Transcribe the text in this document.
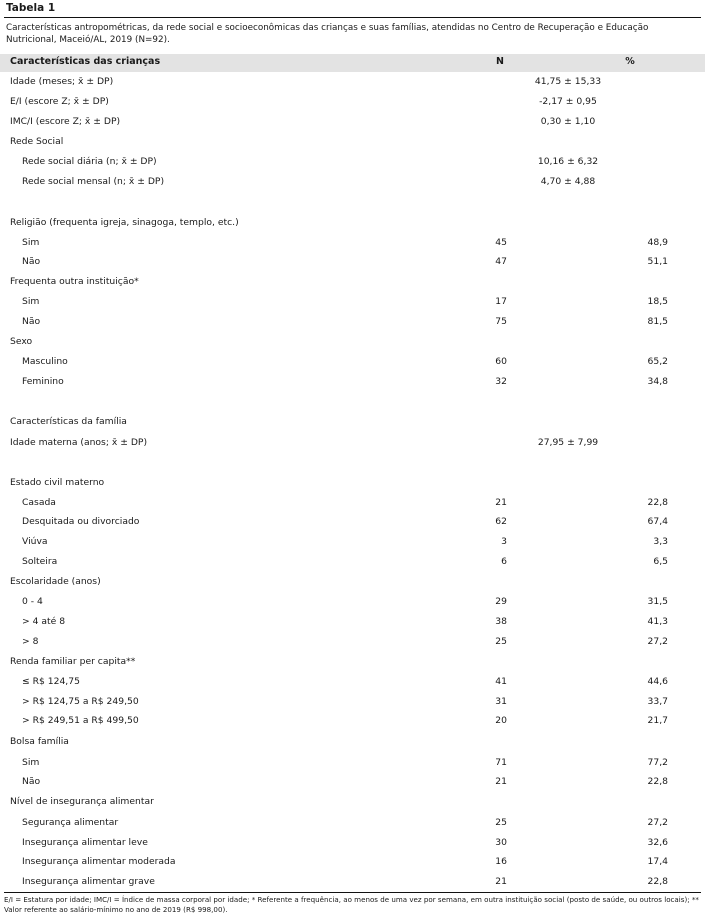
Tabela 1
Características antropométricas, da rede social e socioeconômicas das crianças e suas famílias, atendidas no Centro de Recuperação e Educação Nutricional, Maceió/AL, 2019 (N=92).
Características das crianças	N	%
Idade (meses; x̄ ± DP)	41,75 ± 15,33
E/I (escore Z; x̄ ± DP)	-2,17 ± 0,95
IMC/I (escore Z; x̄ ± DP)	0,30 ± 1,10
Rede Social
Rede social diária (n; x̄ ± DP)	10,16 ± 6,32
Rede social mensal (n; x̄ ± DP)	4,70 ± 4,88
Religião (frequenta igreja, sinagoga, templo, etc.)
Sim	45	48,9
Não	47	51,1
Frequenta outra instituição*
Sim	17	18,5
Não	75	81,5
Sexo
Masculino	60	65,2
Feminino	32	34,8
Características da família
Idade materna (anos; x̄ ± DP)	27,95 ± 7,99
Estado civil materno
Casada	21	22,8
Desquitada ou divorciado	62	67,4
Viúva	3	3,3
Solteira	6	6,5
Escolaridade (anos)
0 - 4	29	31,5
> 4 até 8	38	41,3
> 8	25	27,2
Renda familiar per capita**
≤ R$ 124,75	41	44,6
> R$ 124,75 a R$ 249,50	31	33,7
> R$ 249,51 a R$ 499,50	20	21,7
Bolsa família
Sim	71	77,2
Não	21	22,8
Nível de insegurança alimentar
Segurança alimentar	25	27,2
Insegurança alimentar leve	30	32,6
Insegurança alimentar moderada	16	17,4
Insegurança alimentar grave	21	22,8
E/I = Estatura por idade; IMC/I = Índice de massa corporal por idade; * Referente a frequência, ao menos de uma vez por semana, em outra instituição social (posto de saúde, ou outros locais); ** Valor referente ao salário-mínimo no ano de 2019 (R$ 998,00).
